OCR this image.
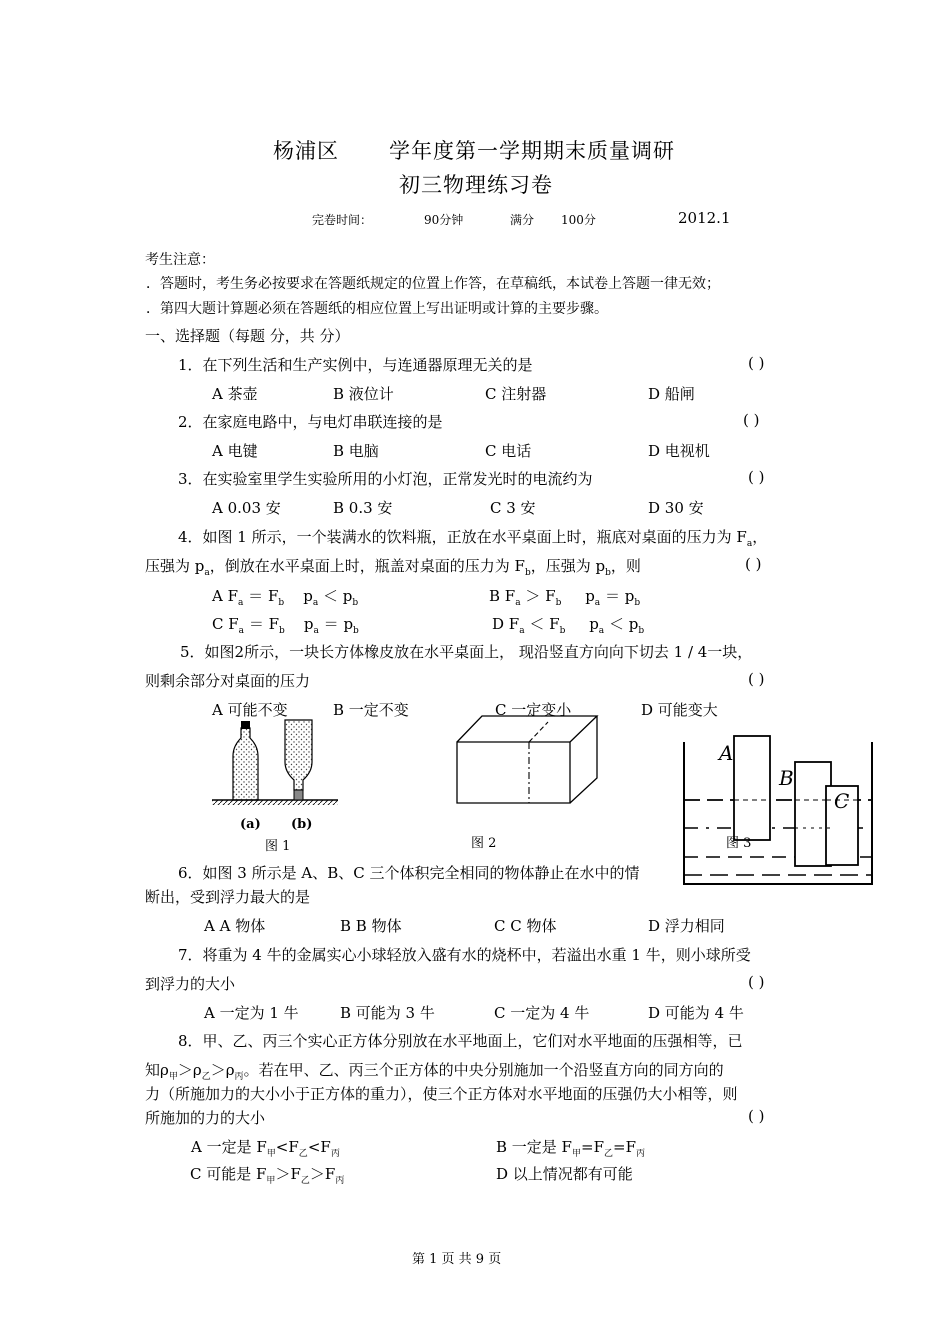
杨浦区 学年度第一学期期末质量调研
初三物理练习卷
完卷时间：	90分钟	满分 100分	2012.1
考生注意：
．答题时，考生务必按要求在答题纸规定的位置上作答，在草稿纸，本试卷上答题一律无效；
．第四大题计算题必须在答题纸的相应位置上写出证明或计算的主要步骤。
一、选择题（每题 分，共 分）
1．在下列生活和生产实例中，与连通器原理无关的是	( )
A 茶壶	B 液位计	C 注射器	D 船闸
2．在家庭电路中，与电灯串联连接的是	( )
A 电键	B 电脑	C 电话	D 电视机
3．在实验室里学生实验所用的小灯泡，正常发光时的电流约为	( )
A 0.03 安	B 0.3 安	C 3 安	D 30 安
4．如图 1 所示，一个装满水的饮料瓶，正放在水平桌面上时，瓶底对桌面的压力为 $F_a$，
压强为 $p_a$，倒放在水平桌面上时，瓶盖对桌面的压力为 $F_b$，压强为 $p_b$，则	( )
A $F_a = F_b$ $p_a < p_b$	B $F_a > F_b$ $p_a = p_b$
C $F_a = F_b$ $p_a = p_b$	D $F_a < F_b$ $p_a < p_b$
5．如图2所示，一块长方体橡皮放在水平桌面上， 现沿竖直方向向下切去 1 / 4一块，
则剩余部分对桌面的压力	( )
A 可能不变	B 一定不变	C 一定变小	D 可能变大
(a) (b)
图 1	图 2
A
B
C
图 3
6．如图 3 所示是 A、B、C 三个体积完全相同的物体静止在水中的情
断出，受到浮力最大的是
A A 物体	B B 物体	C C 物体	D 浮力相同
7．将重为 4 牛的金属实心小球轻放入盛有水的烧杯中，若溢出水重 1 牛，则小球所受
到浮力的大小	( )
A 一定为 1 牛	B 可能为 3 牛	C 一定为 4 牛	D 可能为 4 牛
8．甲、乙、丙三个实心正方体分别放在水平地面上，它们对水平地面的压强相等，已
知$\rho_甲>\rho_乙>\rho_丙$。若在甲、乙、丙三个正方体的中央分别施加一个沿竖直方向的同方向的
力（所施加力的大小小于正方体的重力），使三个正方体对水平地面的压强仍大小相等，则
所施加的力的大小	( )
A 一定是 $F_甲<F_乙<F_丙$	B 一定是 $F_甲=F_乙=F_丙$
C 可能是 $F_甲>F_乙>F_丙$	D 以上情况都有可能
第 1 页 共 9 页
